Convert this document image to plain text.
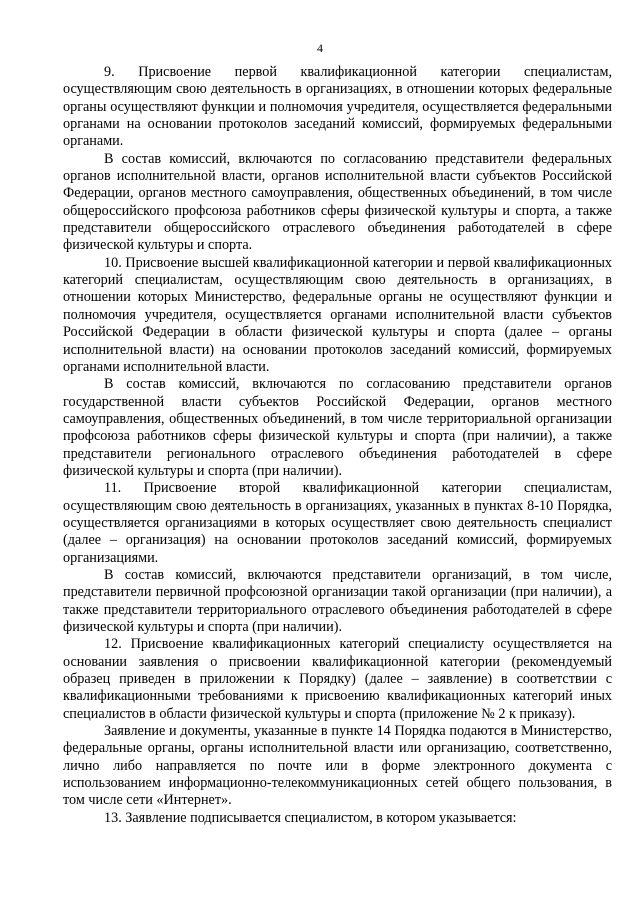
4

9. Присвоение первой квалификационной категории специалистам, осуществляющим свою деятельность в организациях, в отношении которых федеральные органы осуществляют функции и полномочия учредителя, осуществляется федеральными органами на основании протоколов заседаний комиссий, формируемых федеральными органами.

В состав комиссий, включаются по согласованию представители федеральных органов исполнительной власти, органов исполнительной власти субъектов Российской Федерации, органов местного самоуправления, общественных объединений, в том числе общероссийского профсоюза работников сферы физической культуры и спорта, а также представители общероссийского отраслевого объединения работодателей в сфере физической культуры и спорта.

10. Присвоение высшей квалификационной категории и первой квалификационных категорий специалистам, осуществляющим свою деятельность в организациях, в отношении которых Министерство, федеральные органы не осуществляют функции и полномочия учредителя, осуществляется органами исполнительной власти субъектов Российской Федерации в области физической культуры и спорта (далее – органы исполнительной власти) на основании протоколов заседаний комиссий, формируемых органами исполнительной власти.

В состав комиссий, включаются по согласованию представители органов государственной власти субъектов Российской Федерации, органов местного самоуправления, общественных объединений, в том числе территориальной организации профсоюза работников сферы физической культуры и спорта (при наличии), а также представители регионального отраслевого объединения работодателей в сфере физической культуры и спорта (при наличии).

11. Присвоение второй квалификационной категории специалистам, осуществляющим свою деятельность в организациях, указанных в пунктах 8-10 Порядка, осуществляется организациями в которых осуществляет свою деятельность специалист (далее – организация) на основании протоколов заседаний комиссий, формируемых организациями.

В состав комиссий, включаются представители организаций, в том числе, представители первичной профсоюзной организации такой организации (при наличии), а также представители территориального отраслевого объединения работодателей в сфере физической культуры и спорта (при наличии).

12. Присвоение квалификационных категорий специалисту осуществляется на основании заявления о присвоении квалификационной категории (рекомендуемый образец приведен в приложении к Порядку) (далее – заявление) в соответствии с квалификационными требованиями к присвоению квалификационных категорий иных специалистов в области физической культуры и спорта (приложение № 2 к приказу).

Заявление и документы, указанные в пункте 14 Порядка подаются в Министерство, федеральные органы, органы исполнительной власти или организацию, соответственно, лично либо направляется по почте или в форме электронного документа с использованием информационно-телекоммуникационных сетей общего пользования, в том числе сети «Интернет».

13. Заявление подписывается специалистом, в котором указывается:
